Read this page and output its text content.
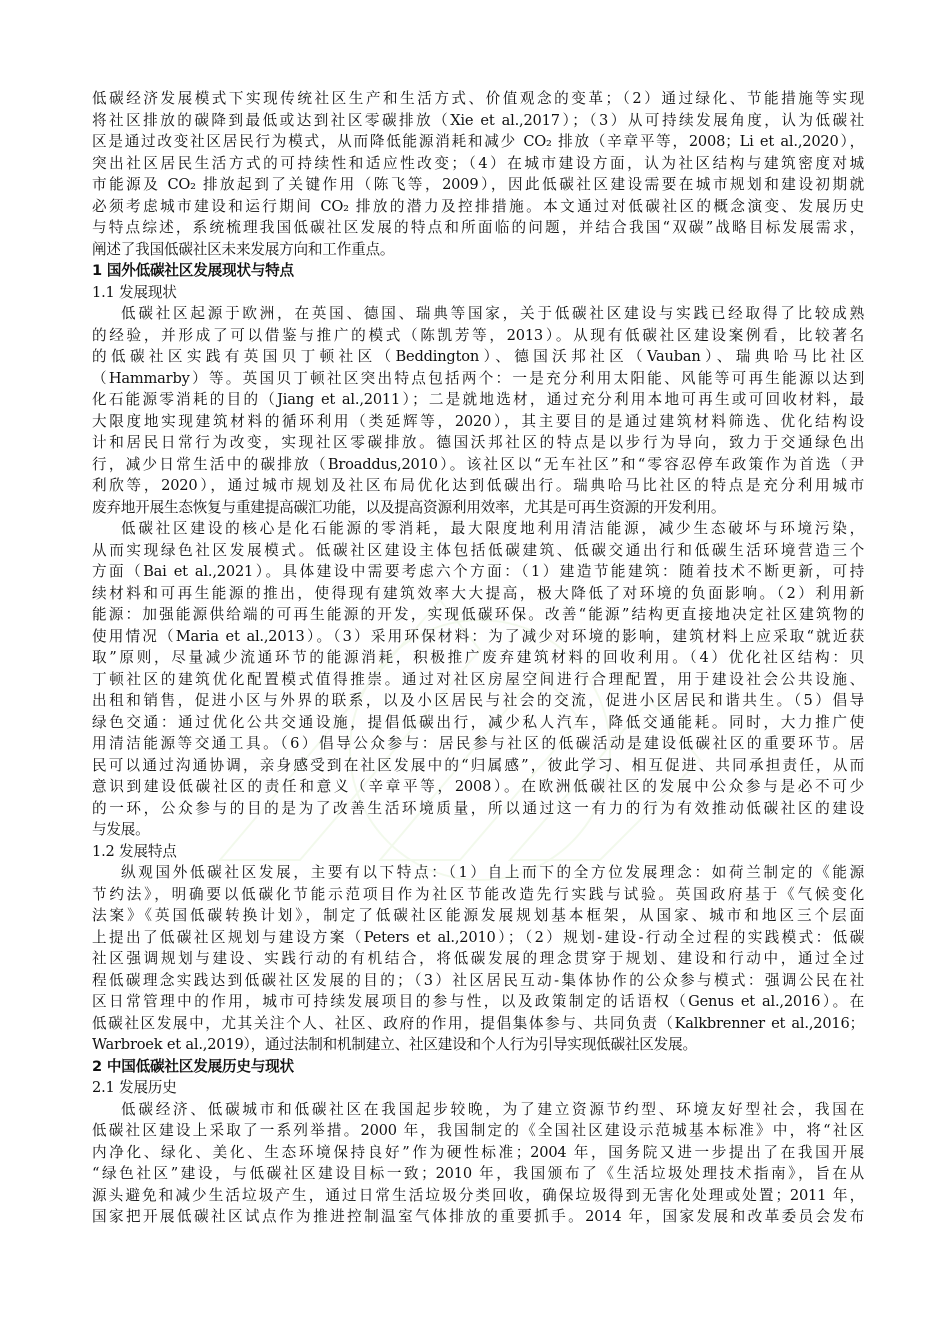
低碳经济发展模式下实现传统社区生产和生活方式、价值观念的变革；（2）通过绿化、节能措施等实现
将社区排放的碳降到最低或达到社区零碳排放（Xie et al.,2017）；（3）从可持续发展角度，认为低碳社
区是通过改变社区居民行为模式，从而降低能源消耗和减少 CO₂ 排放（辛章平等，2008；Li et al.,2020），
突出社区居民生活方式的可持续性和适应性改变；（4）在城市建设方面，认为社区结构与建筑密度对城
市能源及 CO₂ 排放起到了关键作用（陈飞等，2009），因此低碳社区建设需要在城市规划和建设初期就
必须考虑城市建设和运行期间 CO₂ 排放的潜力及控排措施。本文通过对低碳社区的概念演变、发展历史
与特点综述，系统梳理我国低碳社区发展的特点和所面临的问题，并结合我国“双碳”战略目标发展需求，
阐述了我国低碳社区未来发展方向和工作重点。
1 国外低碳社区发展现状与特点
1.1 发展现状
低碳社区起源于欧洲，在英国、德国、瑞典等国家，关于低碳社区建设与实践已经取得了比较成熟
的经验，并形成了可以借鉴与推广的模式（陈凯芳等，2013）。从现有低碳社区建设案例看，比较著名
的低碳社区实践有英国贝丁顿社区（Beddington）、德国沃邦社区（Vauban）、瑞典哈马比社区
（Hammarby）等。英国贝丁顿社区突出特点包括两个：一是充分利用太阳能、风能等可再生能源以达到
化石能源零消耗的目的（Jiang et al.,2011）；二是就地选材，通过充分利用本地可再生或可回收材料，最
大限度地实现建筑材料的循环利用（类延辉等，2020），其主要目的是通过建筑材料筛选、优化结构设
计和居民日常行为改变，实现社区零碳排放。德国沃邦社区的特点是以步行为导向，致力于交通绿色出
行，减少日常生活中的碳排放（Broaddus,2010）。该社区以“无车社区”和“零容忍停车政策作为首选（尹
利欣等，2020），通过城市规划及社区布局优化达到低碳出行。瑞典哈马比社区的特点是充分利用城市
废弃地开展生态恢复与重建提高碳汇功能，以及提高资源利用效率，尤其是可再生资源的开发利用。
低碳社区建设的核心是化石能源的零消耗，最大限度地利用清洁能源，减少生态破坏与环境污染，
从而实现绿色社区发展模式。低碳社区建设主体包括低碳建筑、低碳交通出行和低碳生活环境营造三个
方面（Bai et al.,2021）。具体建设中需要考虑六个方面：（1）建造节能建筑：随着技术不断更新，可持
续材料和可再生能源的推出，使得现有建筑效率大大提高，极大降低了对环境的负面影响。（2）利用新
能源：加强能源供给端的可再生能源的开发，实现低碳环保。改善“能源”结构更直接地决定社区建筑物的
使用情况（Maria et al.,2013）。（3）采用环保材料：为了减少对环境的影响，建筑材料上应采取“就近获
取”原则，尽量减少流通环节的能源消耗，积极推广废弃建筑材料的回收利用。（4）优化社区结构：贝
丁顿社区的建筑优化配置模式值得推崇。通过对社区房屋空间进行合理配置，用于建设社会公共设施、
出租和销售，促进小区与外界的联系，以及小区居民与社会的交流，促进小区居民和谐共生。（5）倡导
绿色交通：通过优化公共交通设施，提倡低碳出行，减少私人汽车，降低交通能耗。同时，大力推广使
用清洁能源等交通工具。（6）倡导公众参与：居民参与社区的低碳活动是建设低碳社区的重要环节。居
民可以通过沟通协调，亲身感受到在社区发展中的“归属感”，彼此学习、相互促进、共同承担责任，从而
意识到建设低碳社区的责任和意义（辛章平等，2008）。在欧洲低碳社区的发展中公众参与是必不可少
的一环，公众参与的目的是为了改善生活环境质量，所以通过这一有力的行为有效推动低碳社区的建设
与发展。
1.2 发展特点
纵观国外低碳社区发展，主要有以下特点：（1）自上而下的全方位发展理念：如荷兰制定的《能源
节约法》，明确要以低碳化节能示范项目作为社区节能改造先行实践与试验。英国政府基于《气候变化
法案》《英国低碳转换计划》，制定了低碳社区能源发展规划基本框架，从国家、城市和地区三个层面
上提出了低碳社区规划与建设方案（Peters et al.,2010）；（2）规划-建设-行动全过程的实践模式：低碳
社区强调规划与建设、实践行动的有机结合，将低碳发展的理念贯穿于规划、建设和行动中，通过全过
程低碳理念实践达到低碳社区发展的目的；（3）社区居民互动-集体协作的公众参与模式：强调公民在社
区日常管理中的作用，城市可持续发展项目的参与性，以及政策制定的话语权（Genus et al.,2016）。在
低碳社区发展中，尤其关注个人、社区、政府的作用，提倡集体参与、共同负责（Kalkbrenner et al.,2016；
Warbroek et al.,2019），通过法制和机制建立、社区建设和个人行为引导实现低碳社区发展。
2 中国低碳社区发展历史与现状
2.1 发展历史
低碳经济、低碳城市和低碳社区在我国起步较晚，为了建立资源节约型、环境友好型社会，我国在
低碳社区建设上采取了一系列举措。2000 年，我国制定的《全国社区建设示范城基本标准》中，将“社区
内净化、绿化、美化、生态环境保持良好”作为硬性标准；2004 年，国务院又进一步提出了在我国开展
“绿色社区”建设，与低碳社区建设目标一致；2010 年，我国颁布了《生活垃圾处理技术指南》，旨在从
源头避免和减少生活垃圾产生，通过日常生活垃圾分类回收，确保垃圾得到无害化处理或处置；2011 年，
国家把开展低碳社区试点作为推进控制温室气体排放的重要抓手。2014 年，国家发展和改革委员会发布
